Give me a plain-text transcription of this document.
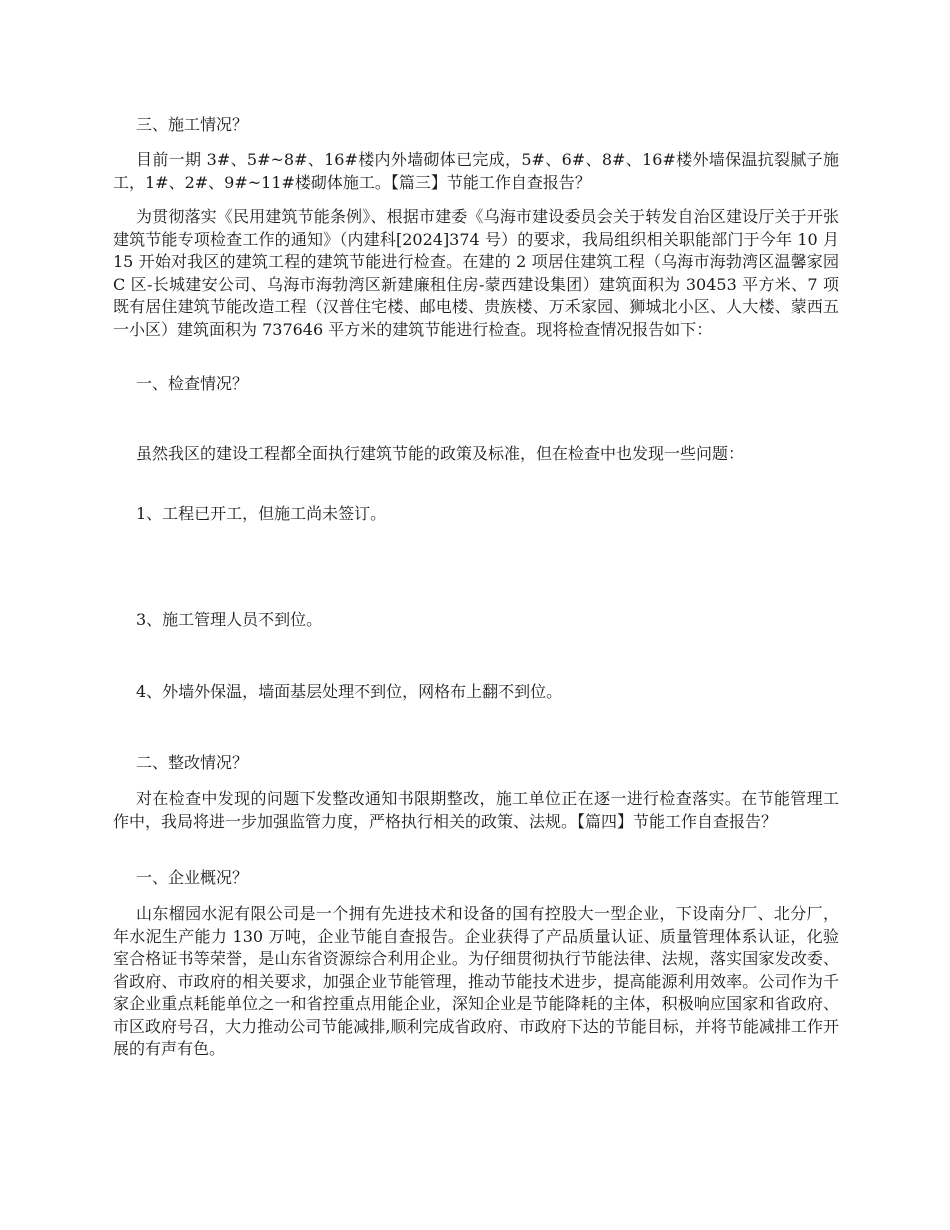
三、施工情况？

目前一期 3#、5#~8#、16#楼内外墙砌体已完成，5#、6#、8#、16#楼外墙保温抗裂腻子施工，1#、2#、9#~11#楼砌体施工。【篇三】节能工作自查报告？

为贯彻落实《民用建筑节能条例》、根据市建委《乌海市建设委员会关于转发自治区建设厅关于开张建筑节能专项检查工作的通知》（内建科[2024]374 号）的要求，我局组织相关职能部门于今年 10 月 15 开始对我区的建筑工程的建筑节能进行检查。在建的 2 项居住建筑工程（乌海市海勃湾区温馨家园 C 区-长城建安公司、乌海市海勃湾区新建廉租住房-蒙西建设集团）建筑面积为 30453 平方米、7 项既有居住建筑节能改造工程（汉普住宅楼、邮电楼、贵族楼、万禾家园、狮城北小区、人大楼、蒙西五一小区）建筑面积为 737646 平方米的建筑节能进行检查。现将检查情况报告如下：

一、检查情况？

虽然我区的建设工程都全面执行建筑节能的政策及标准，但在检查中也发现一些问题：

1、工程已开工，但施工尚未签订。

3、施工管理人员不到位。

4、外墙外保温，墙面基层处理不到位，网格布上翻不到位。

二、整改情况？

对在检查中发现的问题下发整改通知书限期整改，施工单位正在逐一进行检查落实。在节能管理工作中，我局将进一步加强监管力度，严格执行相关的政策、法规。【篇四】节能工作自查报告？

一、企业概况？

山东榴园水泥有限公司是一个拥有先进技术和设备的国有控股大一型企业，下设南分厂、北分厂，年水泥生产能力 130 万吨，企业节能自查报告。企业获得了产品质量认证、质量管理体系认证，化验室合格证书等荣誉，是山东省资源综合利用企业。为仔细贯彻执行节能法律、法规，落实国家发改委、省政府、市政府的相关要求，加强企业节能管理，推动节能技术进步，提高能源利用效率。公司作为千家企业重点耗能单位之一和省控重点用能企业，深知企业是节能降耗的主体，积极响应国家和省政府、市区政府号召，大力推动公司节能减排,顺利完成省政府、市政府下达的节能目标，并将节能减排工作开展的有声有色。
